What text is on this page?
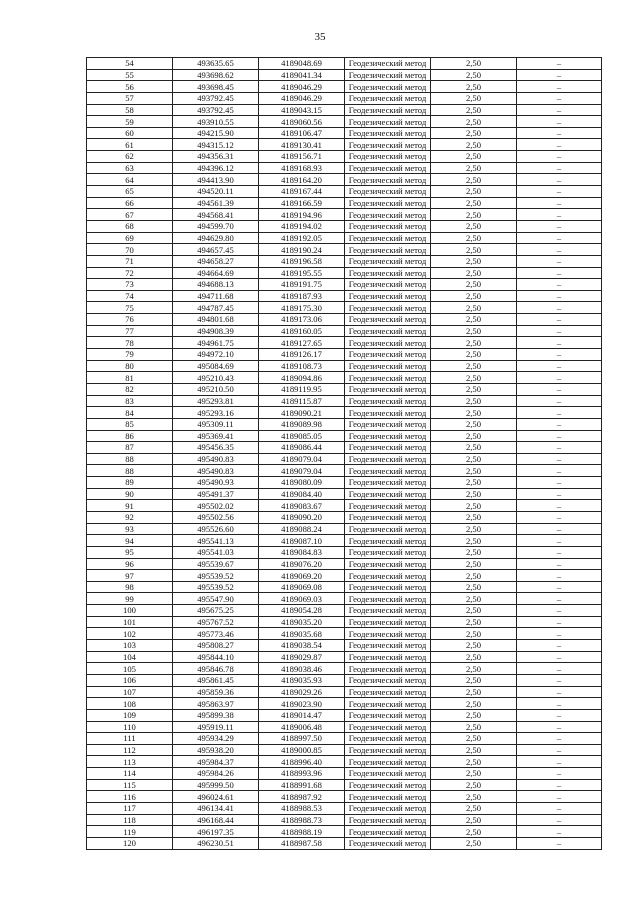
35
54	493635.65	4189048.69	Геодезический метод	2,50	–
55	493698.62	4189041.34	Геодезический метод	2,50	–
56	493698.45	4189046.29	Геодезический метод	2,50	–
57	493792.45	4189046.29	Геодезический метод	2,50	–
58	493792.45	4189043.15	Геодезический метод	2,50	–
59	493910.55	4189060.56	Геодезический метод	2,50	–
60	494215.90	4189106.47	Геодезический метод	2,50	–
61	494315.12	4189130.41	Геодезический метод	2,50	–
62	494356.31	4189156.71	Геодезический метод	2,50	–
63	494396.12	4189168.93	Геодезический метод	2,50	–
64	494413.90	4189164.20	Геодезический метод	2,50	–
65	494520.11	4189167.44	Геодезический метод	2,50	–
66	494561.39	4189166.59	Геодезический метод	2,50	–
67	494568.41	4189194.96	Геодезический метод	2,50	–
68	494599.70	4189194.02	Геодезический метод	2,50	–
69	494629.80	4189192.05	Геодезический метод	2,50	–
70	494657.45	4189190.24	Геодезический метод	2,50	–
71	494658.27	4189196.58	Геодезический метод	2,50	–
72	494664.69	4189195.55	Геодезический метод	2,50	–
73	494688.13	4189191.75	Геодезический метод	2,50	–
74	494711.68	4189187.93	Геодезический метод	2,50	–
75	494787.45	4189175.30	Геодезический метод	2,50	–
76	494801.68	4189173.06	Геодезический метод	2,50	–
77	494908.39	4189160.05	Геодезический метод	2,50	–
78	494961.75	4189127.65	Геодезический метод	2,50	–
79	494972.10	4189126.17	Геодезический метод	2,50	–
80	495084.69	4189108.73	Геодезический метод	2,50	–
81	495210.43	4189094.86	Геодезический метод	2,50	–
82	495210.50	4189119.95	Геодезический метод	2,50	–
83	495293.81	4189115.87	Геодезический метод	2,50	–
84	495293.16	4189090.21	Геодезический метод	2,50	–
85	495309.11	4189089.98	Геодезический метод	2,50	–
86	495369.41	4189085.05	Геодезический метод	2,50	–
87	495456.35	4189086.44	Геодезический метод	2,50	–
88	495490.83	4189079.04	Геодезический метод	2,50	–
88	495490.83	4189079.04	Геодезический метод	2,50	–
89	495490.93	4189080.09	Геодезический метод	2,50	–
90	495491.37	4189084.40	Геодезический метод	2,50	–
91	495502.02	4189083.67	Геодезический метод	2,50	–
92	495502.56	4189090.20	Геодезический метод	2,50	–
93	495526.60	4189088.24	Геодезический метод	2,50	–
94	495541.13	4189087.10	Геодезический метод	2,50	–
95	495541.03	4189084.83	Геодезический метод	2,50	–
96	495539.67	4189076.20	Геодезический метод	2,50	–
97	495539.52	4189069.20	Геодезический метод	2,50	–
98	495539.52	4189069.08	Геодезический метод	2,50	–
99	495547.90	4189069.03	Геодезический метод	2,50	–
100	495675.25	4189054.28	Геодезический метод	2,50	–
101	495767.52	4189035.20	Геодезический метод	2,50	–
102	495773.46	4189035.68	Геодезический метод	2,50	–
103	495808.27	4189038.54	Геодезический метод	2,50	–
104	495844.10	4189029.87	Геодезический метод	2,50	–
105	495846.78	4189038.46	Геодезический метод	2,50	–
106	495861.45	4189035.93	Геодезический метод	2,50	–
107	495859.36	4189029.26	Геодезический метод	2,50	–
108	495863.97	4189023.90	Геодезический метод	2,50	–
109	495899.38	4189014.47	Геодезический метод	2,50	–
110	495919.11	4189006.48	Геодезический метод	2,50	–
111	495934.29	4188997.50	Геодезический метод	2,50	–
112	495938.20	4189000.85	Геодезический метод	2,50	–
113	495984.37	4188996.40	Геодезический метод	2,50	–
114	495984.26	4188993.96	Геодезический метод	2,50	–
115	495999.50	4188991.68	Геодезический метод	2,50	–
116	496024.61	4188987.92	Геодезический метод	2,50	–
117	496134.41	4188988.53	Геодезический метод	2,50	–
118	496168.44	4188988.73	Геодезический метод	2,50	–
119	496197.35	4188988.19	Геодезический метод	2,50	–
120	496230.51	4188987.58	Геодезический метод	2,50	–
